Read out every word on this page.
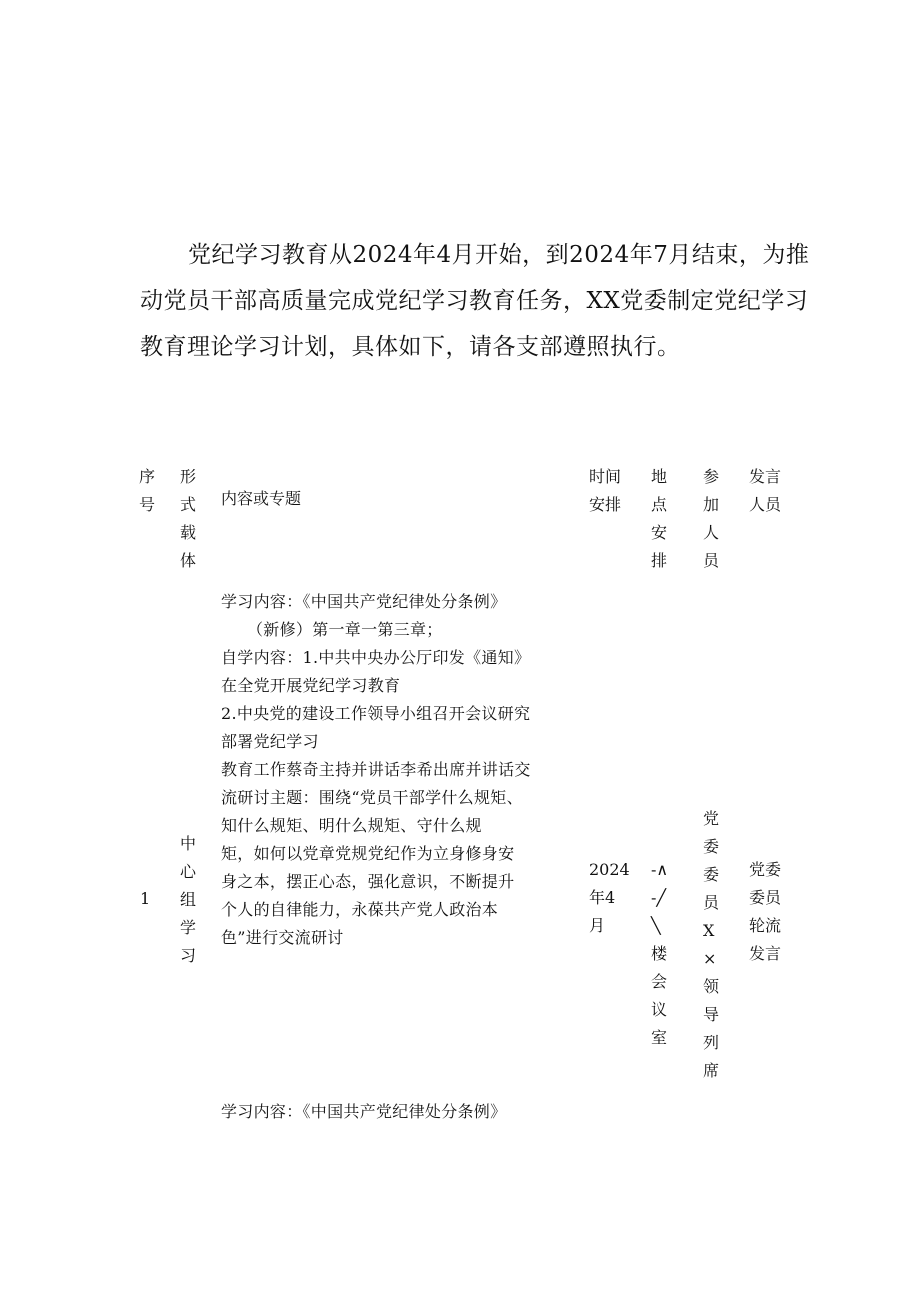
党纪学习教育从2024年4月开始，到2024年7月结束，为推动党员干部高质量完成党纪学习教育任务，XX党委制定党纪学习教育理论学习计划，具体如下，请各支部遵照执行。

序号
形式载体
内容或专题
时间安排
地点安排
参加人员
发言人员
学习内容：《中国共产党纪律处分条例》
（新修）第一章一第三章；
自学内容：1.中共中央办公厅印发《通知》
在全党开展党纪学习教育
2.中央党的建设工作领导小组召开会议研究
部署党纪学习
教育工作蔡奇主持并讲话李希出席并讲话交
流研讨主题：围绕“党员干部学什么规矩、
知什么规矩、明什么规矩、守什么规
矩，如何以党章党规党纪作为立身修身安
身之本，摆正心态，强化意识，不断提升
个人的自律能力，永葆共产党人政治本
色”进行交流研讨
1
中心组学习
2024年4月
-∧-╱╲楼会议室
党委委员X×领导列席
党委委员轮流发言
学习内容：《中国共产党纪律处分条例》
